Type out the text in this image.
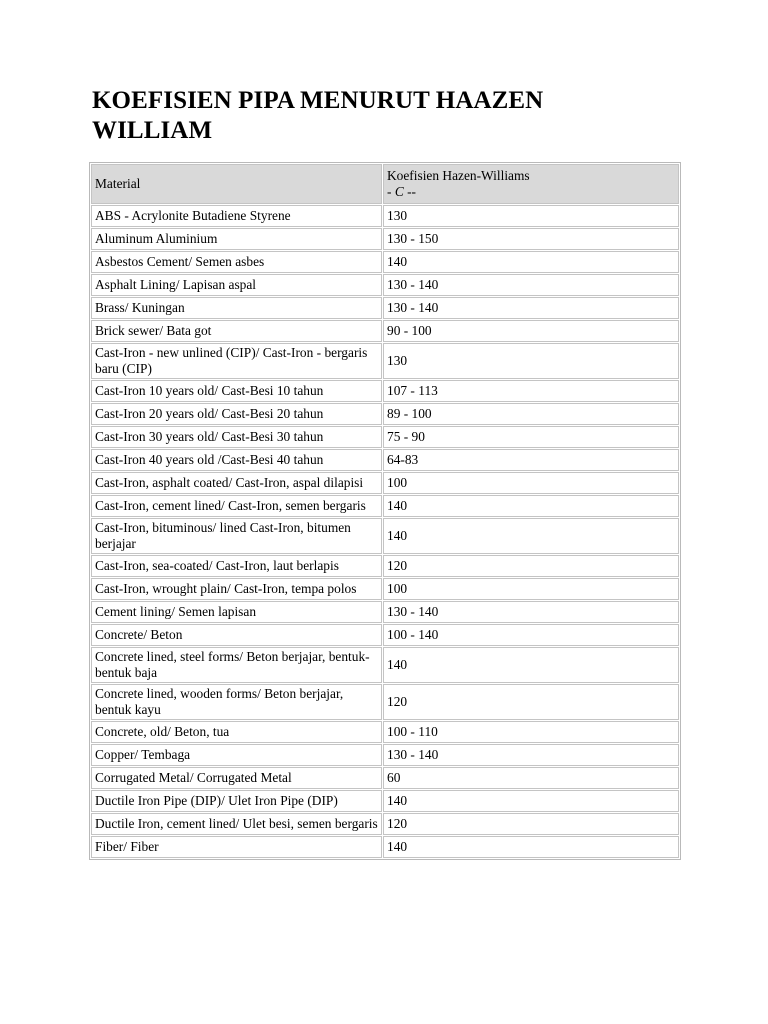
KOEFISIEN PIPA MENURUT HAAZEN WILLIAM
Material	Koefisien Hazen-Williams
- C --

ABS - Acrylonite Butadiene Styrene	130
Aluminum Aluminium	130 - 150
Asbestos Cement/ Semen asbes	140
Asphalt Lining/ Lapisan aspal	130 - 140
Brass/ Kuningan	130 - 140
Brick sewer/ Bata got	90 - 100
Cast-Iron - new unlined (CIP)/ Cast-Iron - bergaris baru (CIP)	130
Cast-Iron 10 years old/ Cast-Besi 10 tahun	107 - 113
Cast-Iron 20 years old/ Cast-Besi 20 tahun	89 - 100
Cast-Iron 30 years old/ Cast-Besi 30 tahun	75 - 90
Cast-Iron 40 years old /Cast-Besi 40 tahun	64-83
Cast-Iron, asphalt coated/ Cast-Iron, aspal dilapisi	100
Cast-Iron, cement lined/ Cast-Iron, semen bergaris	140
Cast-Iron, bituminous/ lined Cast-Iron, bitumen berjajar	140
Cast-Iron, sea-coated/ Cast-Iron, laut berlapis	120
Cast-Iron, wrought plain/ Cast-Iron, tempa polos	100
Cement lining/ Semen lapisan	130 - 140
Concrete/ Beton	100 - 140
Concrete lined, steel forms/ Beton berjajar, bentuk-bentuk baja	140
Concrete lined, wooden forms/ Beton berjajar, bentuk kayu	120
Concrete, old/ Beton, tua	100 - 110
Copper/ Tembaga	130 - 140
Corrugated Metal/ Corrugated Metal	60
Ductile Iron Pipe (DIP)/ Ulet Iron Pipe (DIP)	140
Ductile Iron, cement lined/ Ulet besi, semen bergaris	120
Fiber/ Fiber	140
